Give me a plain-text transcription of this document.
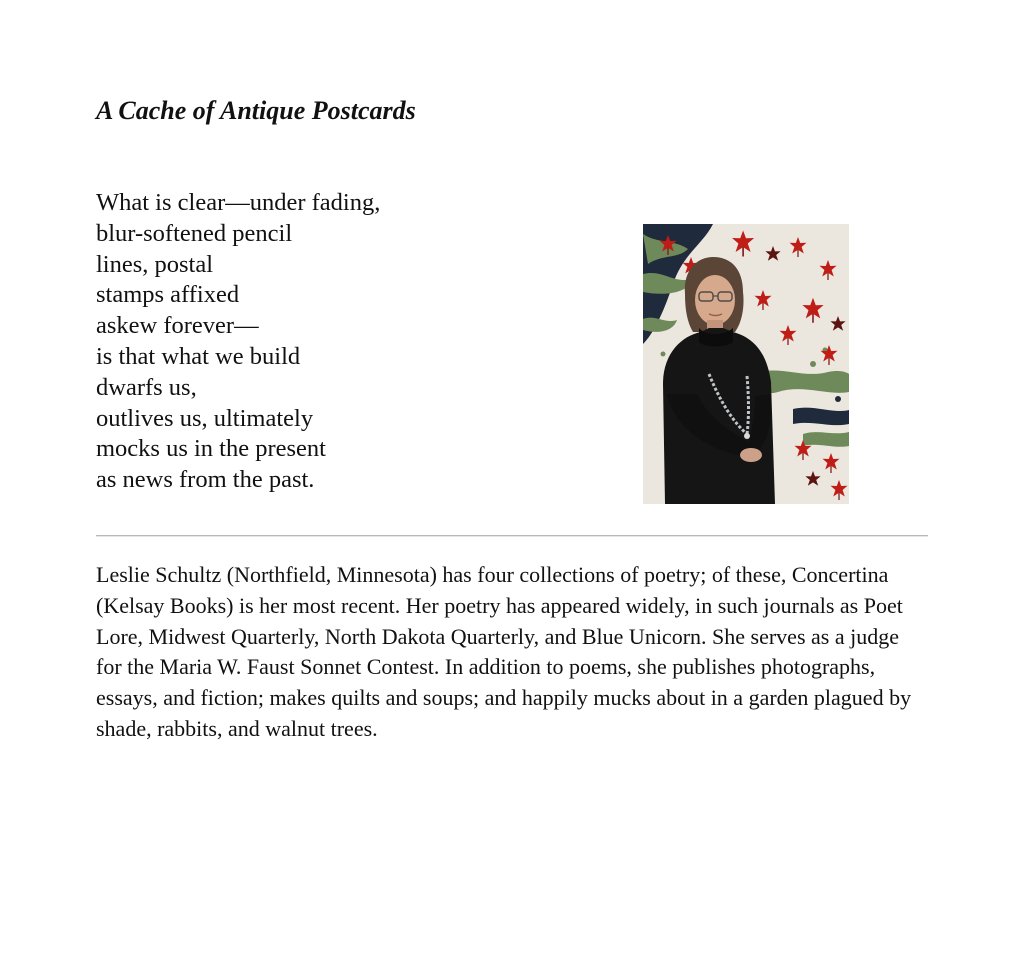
A Cache of Antique Postcards
What is clear—under fading,
blur-softened pencil
lines, postal
stamps affixed
askew forever—
is that what we build
dwarfs us,
outlives us, ultimately
mocks us in the present
as news from the past.

Leslie Schultz (Northfield, Minnesota) has four collections of poetry; of these, Concertina (Kelsay Books) is her most recent. Her poetry has appeared widely, in such journals as Poet Lore, Midwest Quarterly, North Dakota Quarterly, and Blue Unicorn. She serves as a judge for the Maria W. Faust Sonnet Contest. In addition to poems, she publishes photographs, essays, and fiction; makes quilts and soups; and happily mucks about in a garden plagued by shade, rabbits, and walnut trees.
